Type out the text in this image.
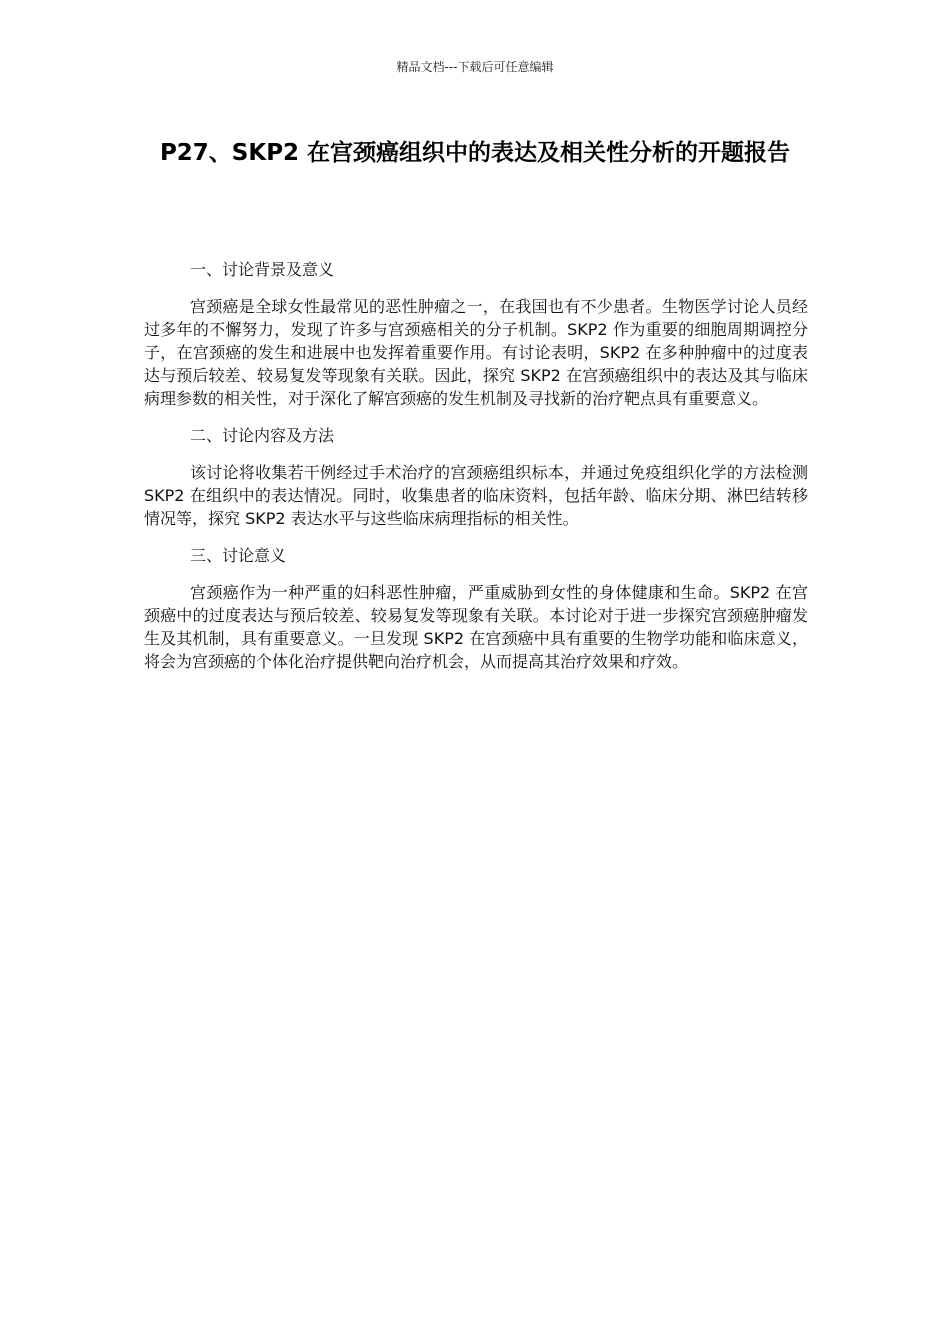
精品文档---下载后可任意编辑
P27、SKP2 在宫颈癌组织中的表达及相关性分析的开题报告
一、讨论背景及意义

宫颈癌是全球女性最常见的恶性肿瘤之一，在我国也有不少患者。生物医学讨论人员经过多年的不懈努力，发现了许多与宫颈癌相关的分子机制。SKP2 作为重要的细胞周期调控分子，在宫颈癌的发生和进展中也发挥着重要作用。有讨论表明，SKP2 在多种肿瘤中的过度表达与预后较差、较易复发等现象有关联。因此，探究 SKP2 在宫颈癌组织中的表达及其与临床病理参数的相关性，对于深化了解宫颈癌的发生机制及寻找新的治疗靶点具有重要意义。

二、讨论内容及方法

该讨论将收集若干例经过手术治疗的宫颈癌组织标本，并通过免疫组织化学的方法检测 SKP2 在组织中的表达情况。同时，收集患者的临床资料，包括年龄、临床分期、淋巴结转移情况等，探究 SKP2 表达水平与这些临床病理指标的相关性。

三、讨论意义

宫颈癌作为一种严重的妇科恶性肿瘤，严重威胁到女性的身体健康和生命。SKP2 在宫颈癌中的过度表达与预后较差、较易复发等现象有关联。本讨论对于进一步探究宫颈癌肿瘤发生及其机制，具有重要意义。一旦发现 SKP2 在宫颈癌中具有重要的生物学功能和临床意义，将会为宫颈癌的个体化治疗提供靶向治疗机会，从而提高其治疗效果和疗效。
